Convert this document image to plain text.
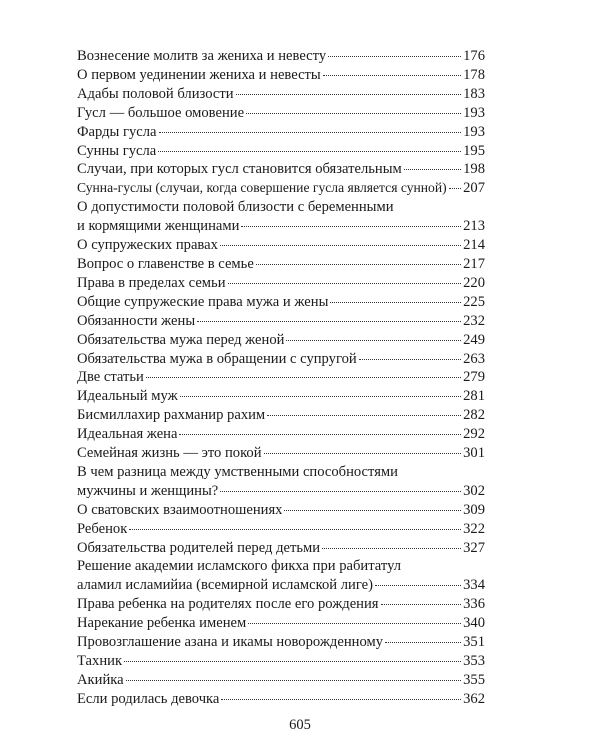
Вознесение молитв за жениха и невесту	176
О первом уединении жениха и невесты	178
Адабы половой близости	183
Гусл — большое омовение	193
Фарды гусла	193
Сунны гусла	195
Случаи, при которых гусл становится обязательным	198
Сунна-гуслы (случаи, когда совершение гусла является сунной) 207
О допустимости половой близости с беременными
и кормящими женщинами	213
О супружеских правах	214
Вопрос о главенстве в семье	217
Права в пределах семьи	220
Общие супружеские права мужа и жены	225
Обязанности жены	232
Обязательства мужа перед женой	249
Обязательства мужа в обращении с супругой	263
Две статьи	279
Идеальный муж	281
Бисмиллахир рахманир рахим	282
Идеальная жена	292
Семейная жизнь — это покой	301
В чем разница между умственными способностями
мужчины и женщины?	302
О сватовских взаимоотношениях	309
Ребенок	322
Обязательства родителей перед детьми	327
Решение академии исламского фикха при рабитатул
аламил исламийиа (всемирной исламской лиге)	334
Права ребенка на родителях после его рождения	336
Нарекание ребенка именем	340
Провозглашение азана и икамы новорожденному	351
Тахник	353
Акийка	355
Если родилась девочка	362
605
